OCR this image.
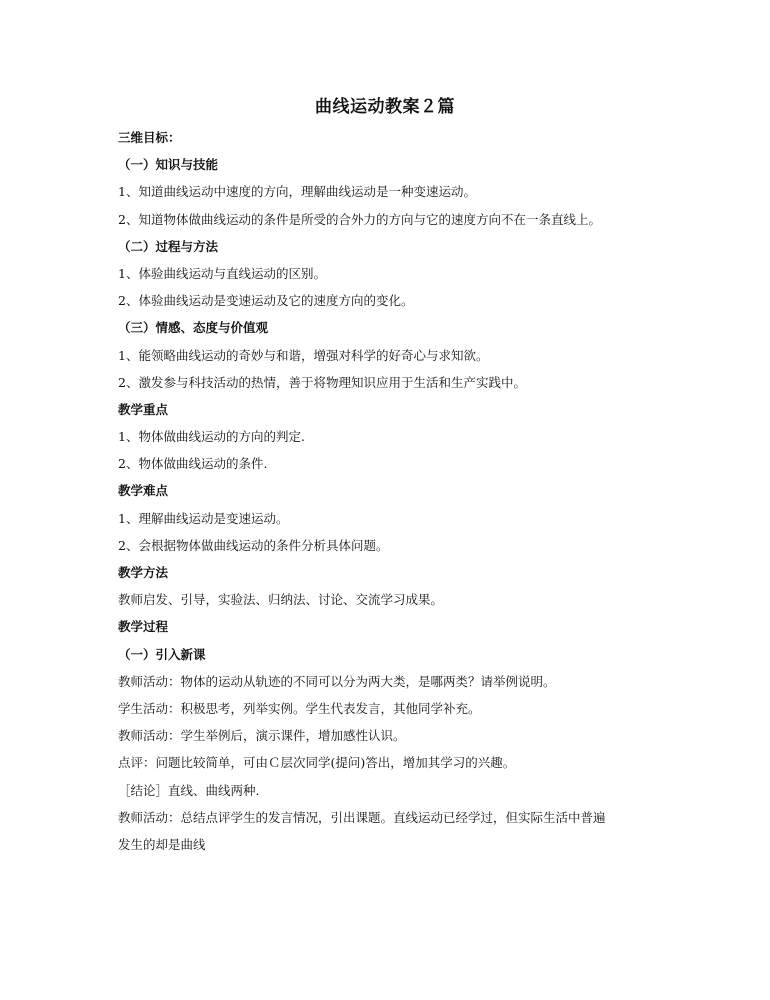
曲线运动教案２篇
三维目标：
（一）知识与技能
1、知道曲线运动中速度的方向，理解曲线运动是一种变速运动。
2、知道物体做曲线运动的条件是所受的合外力的方向与它的速度方向不在一条直线上。
（二）过程与方法
1、体验曲线运动与直线运动的区别。
2、体验曲线运动是变速运动及它的速度方向的变化。
（三）情感、态度与价值观
1、能领略曲线运动的奇妙与和谐，增强对科学的好奇心与求知欲。
2、激发参与科技活动的热情，善于将物理知识应用于生活和生产实践中。
教学重点
1、物体做曲线运动的方向的判定.
2、物体做曲线运动的条件.
教学难点
1、理解曲线运动是变速运动。
2、会根据物体做曲线运动的条件分析具体问题。
教学方法
教师启发、引导，实验法、归纳法、讨论、交流学习成果。
教学过程
（一）引入新课
教师活动：物体的运动从轨迹的不同可以分为两大类，是哪两类？请举例说明。
学生活动：积极思考，列举实例。学生代表发言，其他同学补充。
教师活动：学生举例后，演示课件，增加感性认识。
点评：问题比较简单，可由Ｃ层次同学(提问)答出，增加其学习的兴趣。
［结论］直线、曲线两种.
教师活动：总结点评学生的发言情况，引出课题。直线运动已经学过，但实际生活中普遍
发生的却是曲线
